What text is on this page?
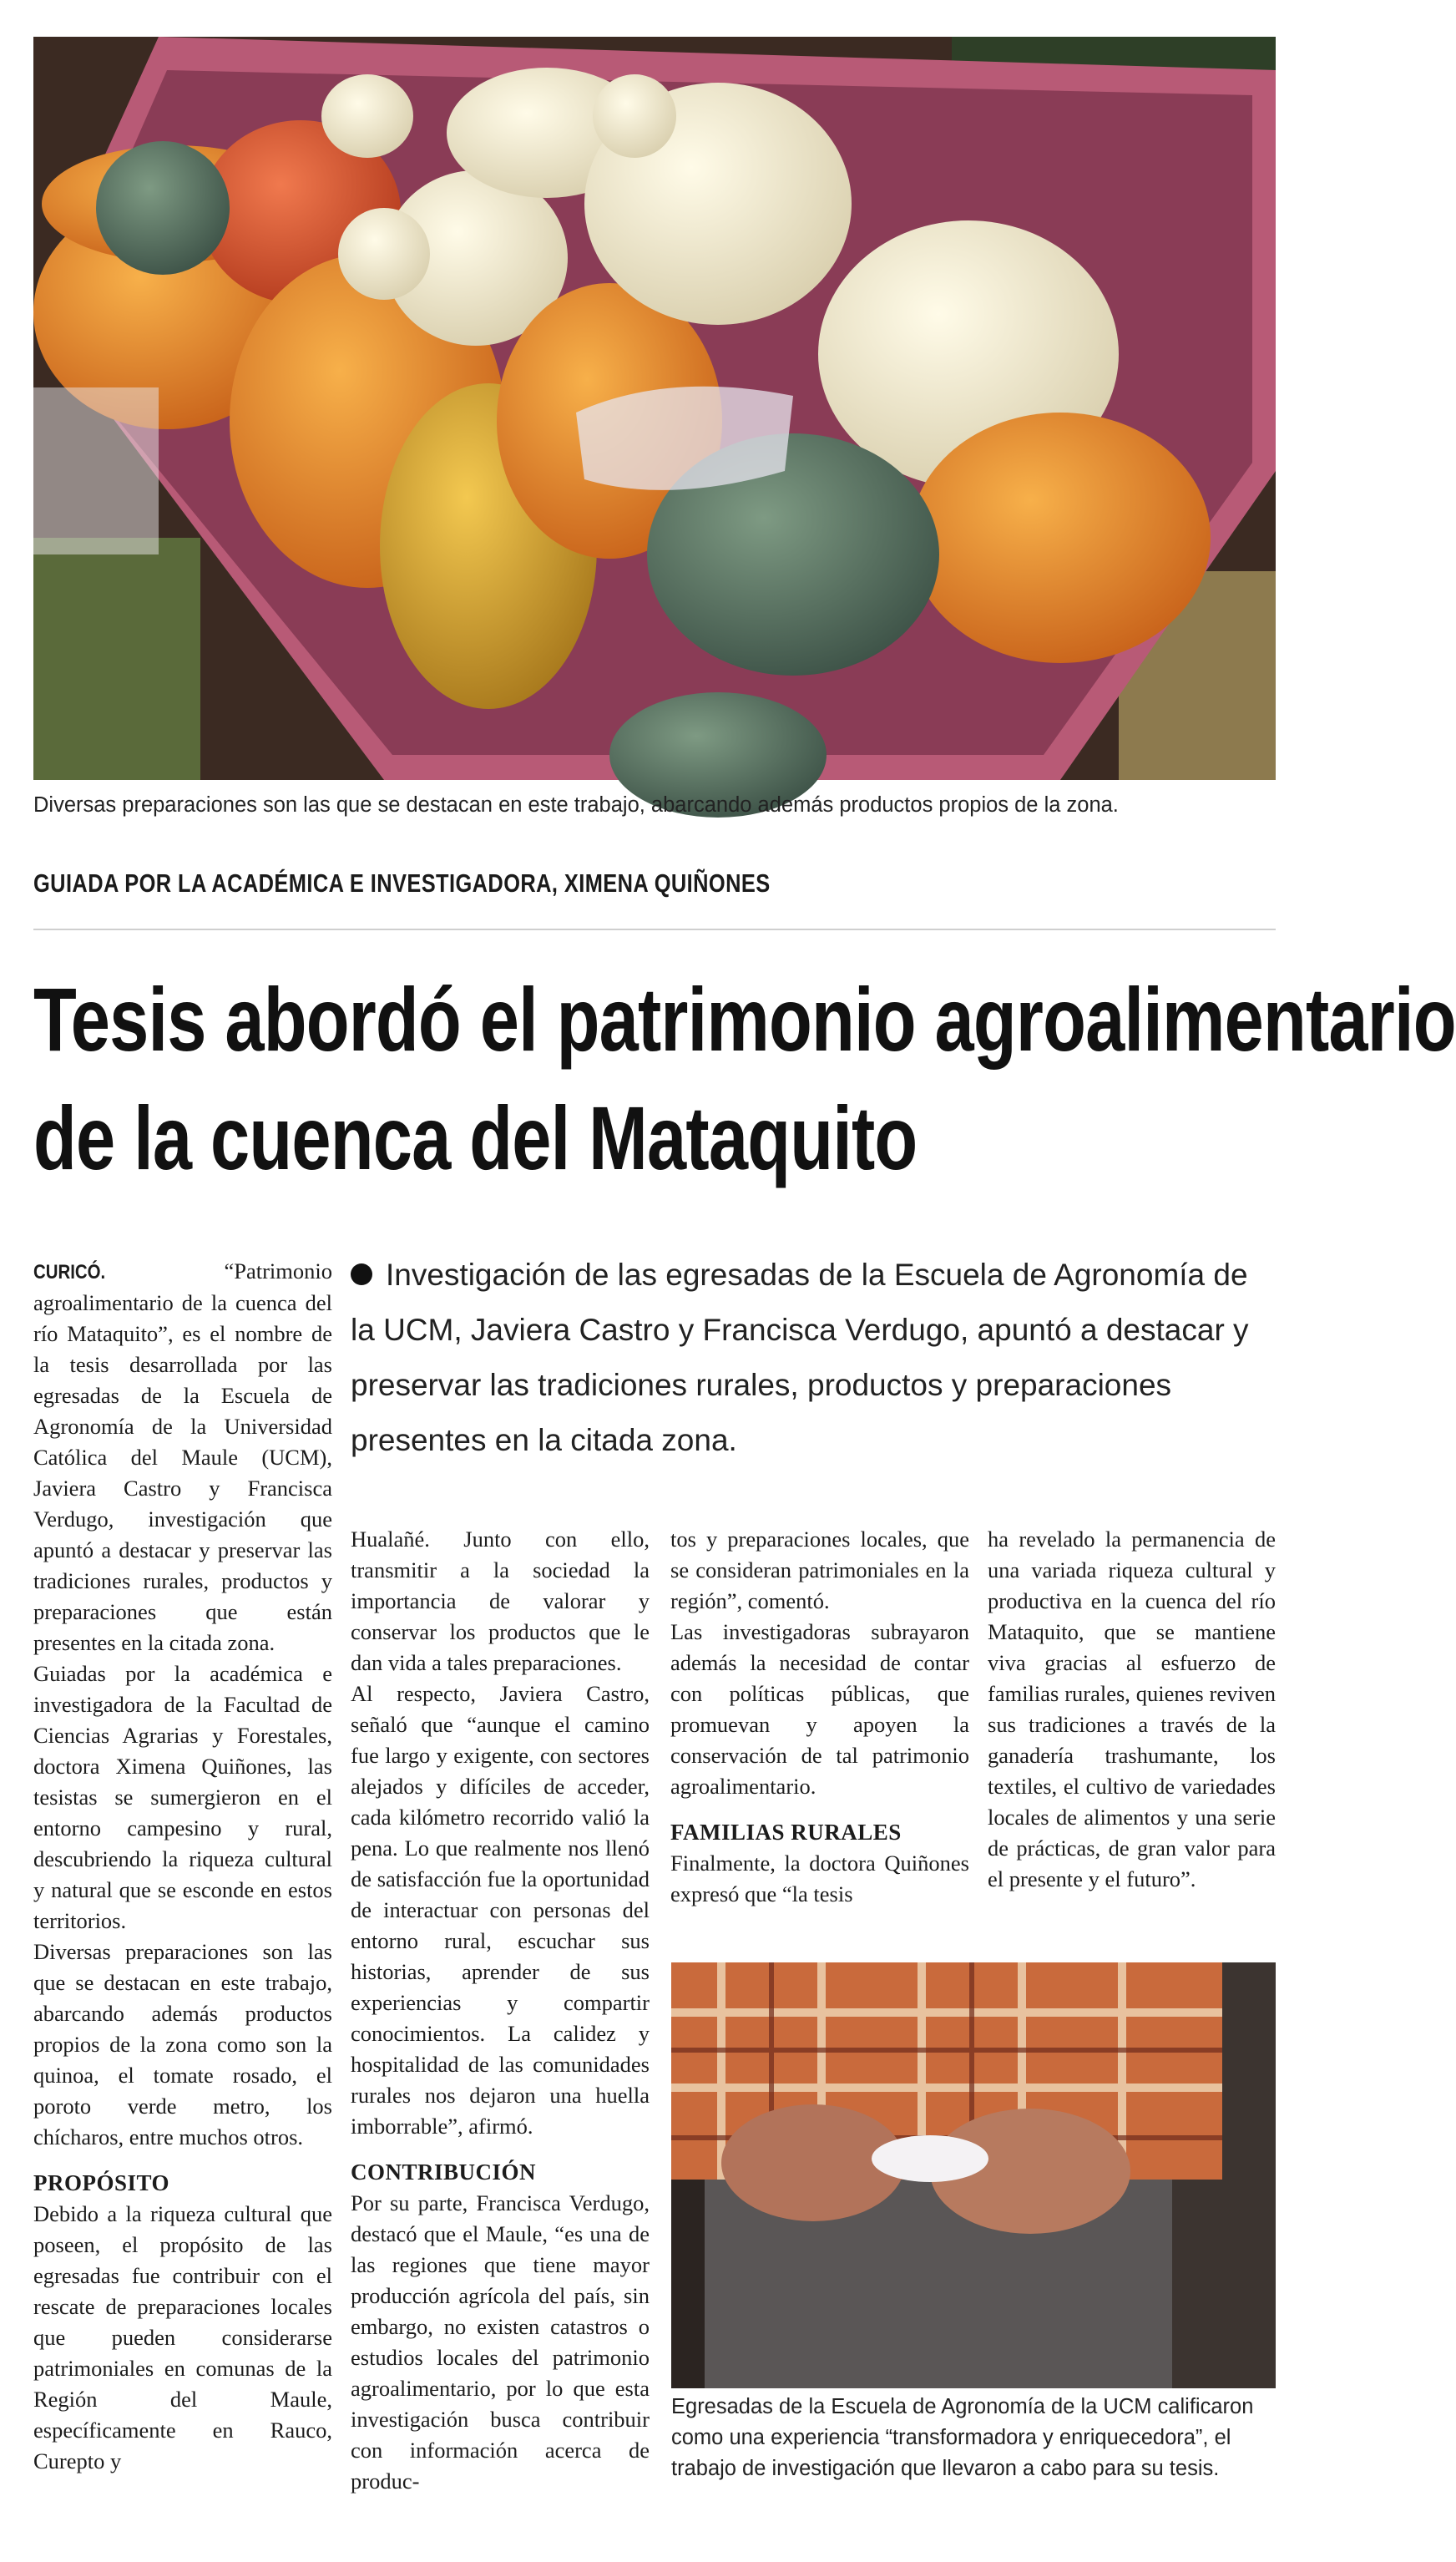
Diversas preparaciones son las que se destacan en este trabajo, abarcando además productos propios de la zona.
GUIADA POR LA ACADÉMICA E INVESTIGADORA, XIMENA QUIÑONES
Tesis abordó el patrimonio agroalimentario
de la cuenca del Mataquito
Investigación de las egresadas de la Escuela de Agronomía de la UCM, Javiera Castro y Francisca Verdugo, apuntó a destacar y preservar las tradiciones rurales, productos y preparaciones presentes en la citada zona.

CURICÓ.	“Patrimonio agroalimentario de la cuenca del río Mataquito”, es el nombre de la tesis desarrollada por las egresadas de la Escuela de Agronomía de la Universidad Católica del Maule (UCM), Javiera Castro y Francisca Verdugo, investigación que apuntó a destacar y preservar las tradiciones rurales, productos y preparaciones que están presentes en la citada zona.

Guiadas por la académica e investigadora de la Facultad de Ciencias Agrarias y Forestales, doctora Ximena Quiñones, las tesistas se sumergieron en el entorno campesino y rural, descubriendo la riqueza cultural y natural que se esconde en estos territorios.

Diversas preparaciones son las que se destacan en este trabajo, abarcando además productos propios de la zona como son la quinoa, el tomate rosado, el poroto verde metro, los chícharos, entre muchos otros.

PROPÓSITO

Debido a la riqueza cultural que poseen, el propósito de las egresadas fue contribuir con el rescate de preparaciones locales que pueden considerarse patrimoniales en comunas de la Región del Maule, específicamente en Rauco, Curepto y

Hualañé. Junto con ello, transmitir a la sociedad la importancia de valorar y conservar los productos que le dan vida a tales preparaciones.

Al respecto, Javiera Castro, señaló que “aunque el camino fue largo y exigente, con sectores alejados y difíciles de acceder, cada kilómetro recorrido valió la pena. Lo que realmente nos llenó de satisfacción fue la oportunidad de interactuar con personas del entorno rural, escuchar sus historias, aprender de sus experiencias y compartir conocimientos. La calidez y hospitalidad de las comunidades rurales nos dejaron una huella imborrable”, afirmó.

CONTRIBUCIÓN

Por su parte, Francisca Verdugo, destacó que el Maule, “es una de las regiones que tiene mayor producción agrícola del país, sin embargo, no existen catastros o estudios locales del patrimonio agroalimentario, por lo que esta investigación busca contribuir con información acerca de produc-

tos y preparaciones locales, que se consideran patrimoniales en la región”, comentó.

Las investigadoras subrayaron además la necesidad de contar con políticas públicas, que promuevan y apoyen la conservación de tal patrimonio agroalimentario.

FAMILIAS RURALES

Finalmente, la doctora Quiñones expresó que “la tesis

ha revelado la permanencia de una variada riqueza cultural y productiva en la cuenca del río Mataquito, que se mantiene viva gracias al esfuerzo de familias rurales, quienes reviven sus tradiciones a través de la ganadería trashumante, los textiles, el cultivo de variedades locales de alimentos y una serie de prácticas, de gran valor para el presente y el futuro”.

Egresadas de la Escuela de Agronomía de la UCM calificaron como una experiencia “transformadora y enriquecedora”, el trabajo de investigación que llevaron a cabo para su tesis.
